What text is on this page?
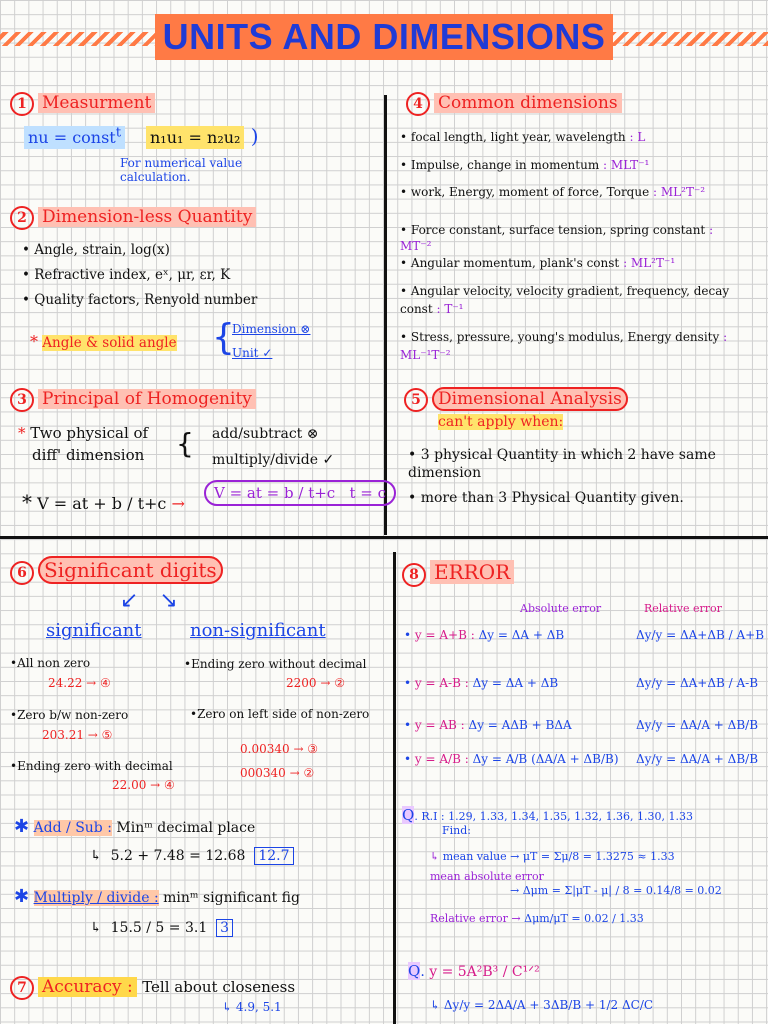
UNITS AND DIMENSIONS
1 Measurment
nu = const$^t$ n₁u₁ = n₂u₂ )
For numerical value calculation.
2 Dimension-less Quantity
• Angle, strain, log(x)
• Refractive index, eˣ, μr, εr, K
• Quality factors, Renyold number
* Angle & solid angle
Dimension ⊗
Unit ✓
{
3 Principal of Homogenity
* Two physical of
diff' dimension
add/subtract ⊗
multiply/divide ✓
{
* V = at + b / t+c →
V = at = b / t+c t = c
4 Common dimensions
• focal length, light year, wavelength : L
• Impulse, change in momentum : MLT⁻¹
• work, Energy, moment of force, Torque : ML²T⁻²
• Force constant, surface tension, spring constant : MT⁻²
• Angular momentum, plank's const : ML²T⁻¹
• Angular velocity, velocity gradient, frequency, decay const : T⁻¹
• Stress, pressure, young's modulus, Energy density : ML⁻¹T⁻²
5 Dimensional Analysis
can't apply when:
• 3 physical Quantity in which 2 have same dimension
• more than 3 Physical Quantity given.
6 Significant digits
significant	non-significant
↙   ↘
•All non zero
24.22 → ④
•Zero b/w non-zero
203.21 → ⑤
•Ending zero with decimal
22.00 → ④
•Ending zero without decimal
2200 → ②
•Zero on left side of non-zero
0.00340 → ③
000340 → ②
✱ Add / Sub : Minᵐ decimal place
↳  5.2 + 7.48 = 12.68 12.7
✱ Multiply / divide : minᵐ significant fig
↳  15.5 / 5 = 3.1 3
7 Accuracy : Tell about closeness
↳ 4.9, 5.1
8 ERROR
Absolute error	Relative error
• y = A+B : Δy = ΔA + ΔB	Δy/y = ΔA+ΔB / A+B
• y = A-B : Δy = ΔA + ΔB	Δy/y = ΔA+ΔB / A-B
• y = AB : Δy = AΔB + BΔA	Δy/y = ΔA/A + ΔB/B
• y = A/B : Δy = A/B (ΔA/A + ΔB/B) Δy/y = ΔA/A + ΔB/B
Q. R.I : 1.29, 1.33, 1.34, 1.35, 1.32, 1.36, 1.30, 1.33
Find:
↳ mean value → μT = Σμ/8 = 1.3275 ≈ 1.33
mean absolute error
→ Δμm = Σ|μT - μ| / 8 = 0.14/8 = 0.02
Relative error → Δμm/μT = 0.02 / 1.33
Q. y = 5A²B³ / C¹ᐟ²
↳ Δy/y = 2ΔA/A + 3ΔB/B + 1/2 ΔC/C
